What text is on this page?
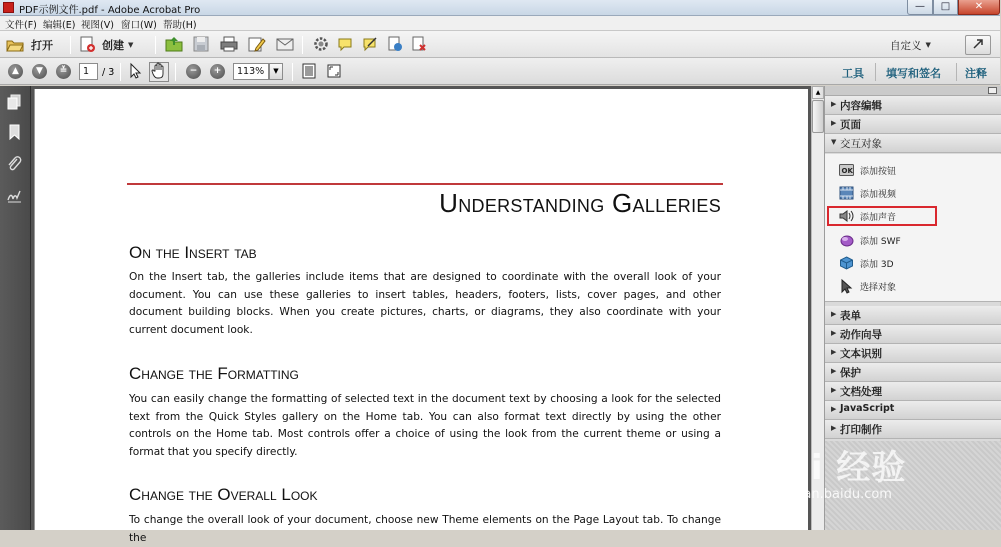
PDF示例文件.pdf - Adobe Acrobat Pro	—	□	✕
文件(F) 编辑(E) 视图(V) 窗口(W) 帮助(H)
打开	创建 ▼	自定义 ▼
▲	▼	≚	1	/ 3	−	+	113%	▼	工具 填写和签名 注释
Understanding Galleries
On the Insert tab
On the Insert tab, the galleries include items that are designed to coordinate with the overall look of your document. You can use these galleries to insert tables, headers, footers, lists, cover pages, and other document building blocks. When you create pictures, charts, or diagrams, they also coordinate with your current document look.
Change the Formatting
You can easily change the formatting of selected text in the document text by choosing a look for the selected text from the Quick Styles gallery on the Home tab. You can also format text directly by using the other controls on the Home tab. Most controls offer a choice of using the look from the current theme or using a format that you specify directly.
Change the Overall Look
To change the overall look of your document, choose new Theme elements on the Page Layout tab. To change the
▲
▶ 内容编辑
▶ 页面
▼ 交互对象
OK 添加按钮
添加视频
添加声音
添加 SWF
添加 3D
选择对象
▶ 表单
▶ 动作向导
▶ 文本识别
▶ 保护
▶ 文档处理
▶ JavaScript
▶ 打印制作
Bai 经验
jingyan.baidu.com
